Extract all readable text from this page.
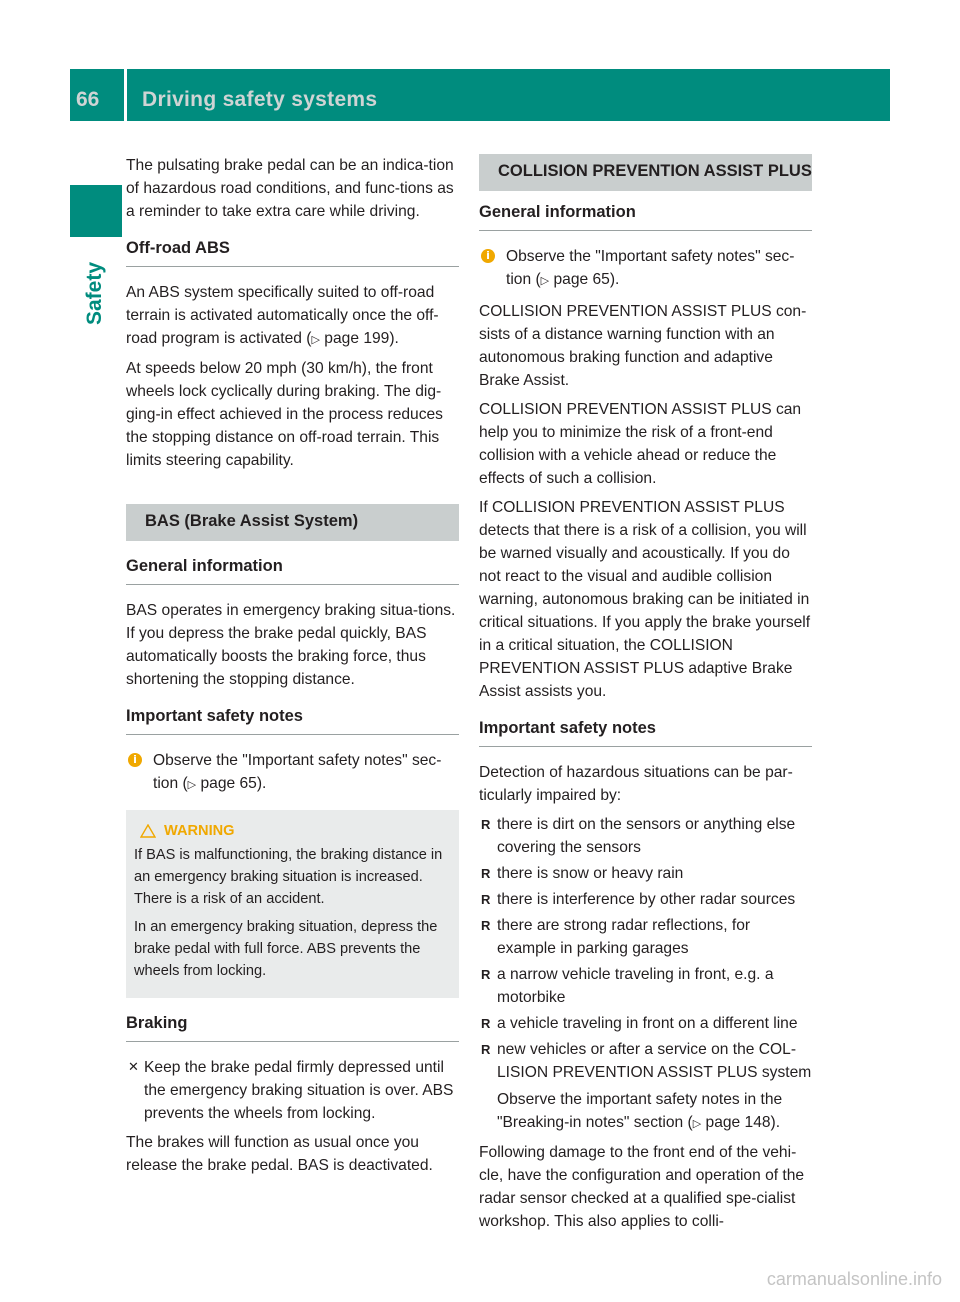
66 Driving safety systems
Safety

The pulsating brake pedal can be an indica-tion of hazardous road conditions, and func-tions as a reminder to take extra care while driving.

Off-road ABS

An ABS system specifically suited to off-road terrain is activated automatically once the off-road program is activated (▷ page 199).

At speeds below 20 mph (30 km/h), the front wheels lock cyclically during braking. The dig-ging-in effect achieved in the process reduces the stopping distance on off-road terrain. This limits steering capability.

BAS (Brake Assist System)
General information

BAS operates in emergency braking situa-tions. If you depress the brake pedal quickly, BAS automatically boosts the braking force, thus shortening the stopping distance.

Important safety notes
i	Observe the "Important safety notes" sec-tion (▷ page 65).
WARNING

If BAS is malfunctioning, the braking distance in an emergency braking situation is increased. There is a risk of an accident.

In an emergency braking situation, depress the brake pedal with full force. ABS prevents the wheels from locking.

Braking
✕ Keep the brake pedal firmly depressed until the emergency braking situation is over. ABS prevents the wheels from locking.

The brakes will function as usual once you release the brake pedal. BAS is deactivated.

COLLISION PREVENTION ASSIST PLUS
General information
i	Observe the "Important safety notes" sec-tion (▷ page 65).

COLLISION PREVENTION ASSIST PLUS con-sists of a distance warning function with an autonomous braking function and adaptive Brake Assist.

COLLISION PREVENTION ASSIST PLUS can help you to minimize the risk of a front-end collision with a vehicle ahead or reduce the effects of such a collision.

If COLLISION PREVENTION ASSIST PLUS detects that there is a risk of a collision, you will be warned visually and acoustically. If you do not react to the visual and audible collision warning, autonomous braking can be initiated in critical situations. If you apply the brake yourself in a critical situation, the COLLISION PREVENTION ASSIST PLUS adaptive Brake Assist assists you.

Important safety notes

Detection of hazardous situations can be par-ticularly impaired by:

R there is dirt on the sensors or anything else covering the sensors
R there is snow or heavy rain
R there is interference by other radar sources
R there are strong radar reflections, for example in parking garages
R a narrow vehicle traveling in front, e.g. a motorbike
R a vehicle traveling in front on a different line
R new vehicles or after a service on the COL-LISION PREVENTION ASSIST PLUS system
Observe the important safety notes in the "Breaking-in notes" section (▷ page 148).

Following damage to the front end of the vehi-cle, have the configuration and operation of the radar sensor checked at a qualified spe-cialist workshop. This also applies to colli-

carmanualsonline.info
